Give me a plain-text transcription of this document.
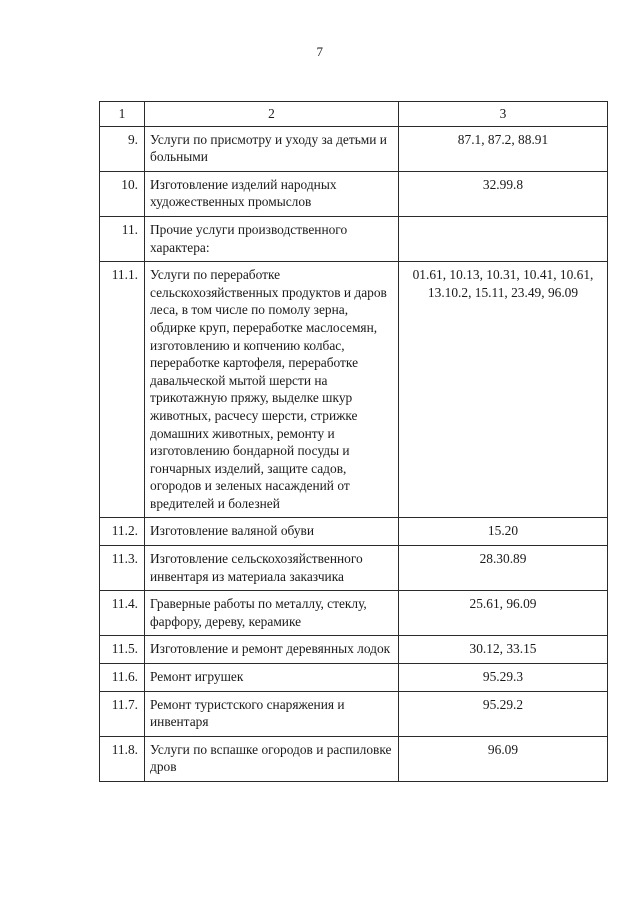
7
1	2	3
9.	Услуги по присмотру и уходу за детьми и больными	87.1, 87.2, 88.91
10.	Изготовление изделий народных художественных промыслов	32.99.8
11.	Прочие услуги производственного характера:	
11.1.	Услуги по переработке сельскохозяйственных продуктов и даров леса, в том числе по помолу зерна, обдирке круп, переработке маслосемян, изготовлению и копчению колбас, переработке картофеля, переработке давальческой мытой шерсти на трикотажную пряжу, выделке шкур животных, расчесу шерсти, стрижке домашних животных, ремонту и изготовлению бондарной посуды и гончарных изделий, защите садов, огородов и зеленых насаждений от вредителей и болезней	01.61, 10.13, 10.31, 10.41, 10.61, 13.10.2, 15.11, 23.49, 96.09
11.2.	Изготовление валяной обуви	15.20
11.3.	Изготовление сельскохозяйственного инвентаря из материала заказчика	28.30.89
11.4.	Граверные работы по металлу, стеклу, фарфору, дереву, керамике	25.61, 96.09
11.5.	Изготовление и ремонт деревянных лодок	30.12, 33.15
11.6.	Ремонт игрушек	95.29.3
11.7.	Ремонт туристского снаряжения и инвентаря	95.29.2
11.8.	Услуги по вспашке огородов и распиловке дров	96.09
